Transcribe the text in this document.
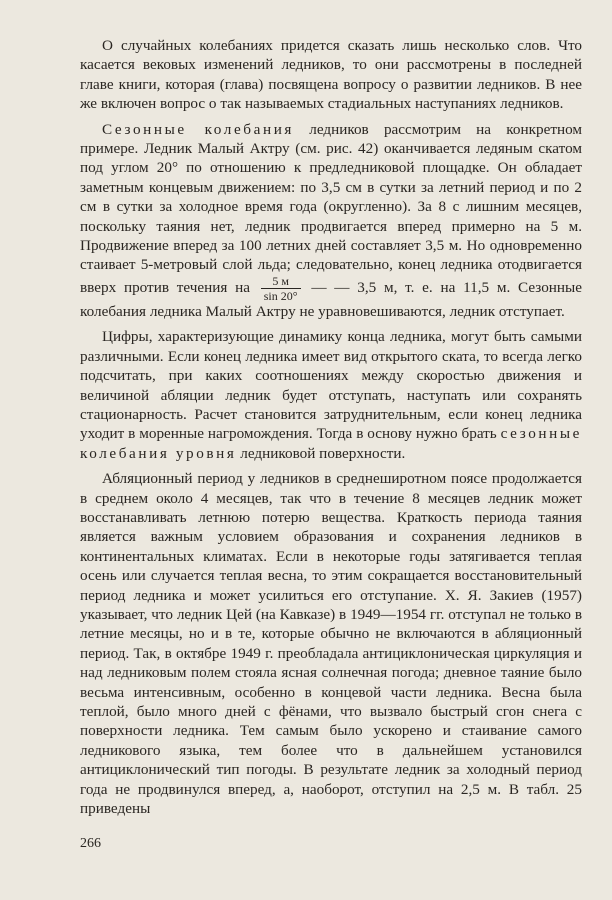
О случайных колебаниях придется сказать лишь несколько слов. Что касается вековых изменений ледников, то они рассмотрены в последней главе книги, которая (глава) посвящена вопросу о развитии ледников. В нее же включен вопрос о так называемых стадиальных наступаниях ледников.

Сезонные колебания ледников рассмотрим на конкретном примере. Ледник Малый Актру (см. рис. 42) оканчивается ледяным скатом под углом 20° по отношению к предледниковой площадке. Он обладает заметным концевым движением: по 3,5 см в сутки за летний период и по 2 см в сутки за холодное время года (округленно). За 8 с лишним месяцев, поскольку таяния нет, ледник продвигается вперед примерно на 5 м. Продвижение вперед за 100 летних дней составляет 3,5 м. Но одновременно стаивает 5-метровый слой льда; следовательно, конец ледника отодвигается вверх против течения на $\frac{5 м}{\sin 20^\circ}$ — — 3,5 м, т. е. на 11,5 м. Сезонные колебания ледника Малый Актру не уравновешиваются, ледник отступает.

Цифры, характеризующие динамику конца ледника, могут быть самыми различными. Если конец ледника имеет вид открытого ската, то всегда легко подсчитать, при каких соотношениях между скоростью движения и величиной абляции ледник будет отступать, наступать или сохранять стационарность. Расчет становится затруднительным, если конец ледника уходит в моренные нагромождения. Тогда в основу нужно брать сезонные колебания уровня ледниковой поверхности.

Абляционный период у ледников в среднеширотном поясе продолжается в среднем около 4 месяцев, так что в течение 8 месяцев ледник может восстанавливать летнюю потерю вещества. Краткость периода таяния является важным условием образования и сохранения ледников в континентальных климатах. Если в некоторые годы затягивается теплая осень или случается теплая весна, то этим сокращается восстановительный период ледника и может усилиться его отступание. Х. Я. Закиев (1957) указывает, что ледник Цей (на Кавказе) в 1949—1954 гг. отступал не только в летние месяцы, но и в те, которые обычно не включаются в абляционный период. Так, в октябре 1949 г. преобладала антициклоническая циркуляция и над ледниковым полем стояла ясная солнечная погода; дневное таяние было весьма интенсивным, особенно в концевой части ледника. Весна была теплой, было много дней с фёнами, что вызвало быстрый сгон снега с поверхности ледника. Тем самым было ускорено и стаивание самого ледникового языка, тем более что в дальнейшем установился антициклонический тип погоды. В результате ледник за холодный период года не продвинулся вперед, а, наоборот, отступил на 2,5 м. В табл. 25 приведены

266
